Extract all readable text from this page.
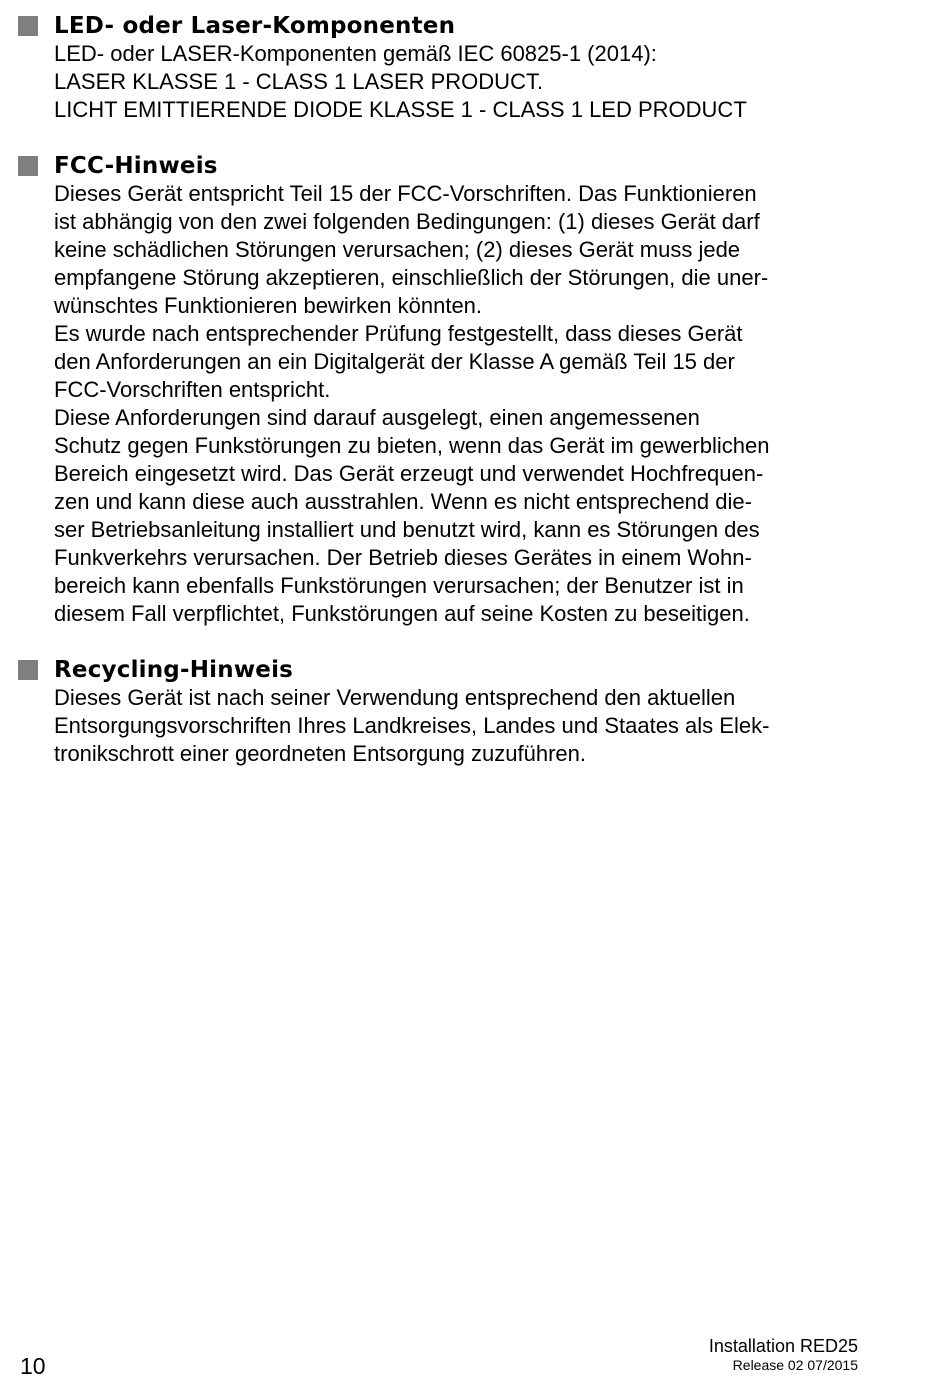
LED- oder Laser-Komponenten
LED- oder LASER-Komponenten gemäß IEC 60825-1 (2014):
LASER KLASSE 1 - CLASS 1 LASER PRODUCT.
LICHT EMITTIERENDE DIODE KLASSE 1 - CLASS 1 LED PRODUCT
FCC-Hinweis
Dieses Gerät entspricht Teil 15 der FCC-Vorschriften. Das Funktionieren
ist abhängig von den zwei folgenden Bedingungen: (1) dieses Gerät darf
keine schädlichen Störungen verursachen; (2) dieses Gerät muss jede
empfangene Störung akzeptieren, einschließlich der Störungen, die uner-
wünschtes Funktionieren bewirken könnten.
Es wurde nach entsprechender Prüfung festgestellt, dass dieses Gerät
den Anforderungen an ein Digitalgerät der Klasse A gemäß Teil 15 der
FCC-Vorschriften entspricht.
Diese Anforderungen sind darauf ausgelegt, einen angemessenen
Schutz gegen Funkstörungen zu bieten, wenn das Gerät im gewerblichen
Bereich eingesetzt wird. Das Gerät erzeugt und verwendet Hochfrequen-
zen und kann diese auch ausstrahlen. Wenn es nicht entsprechend die-
ser Betriebsanleitung installiert und benutzt wird, kann es Störungen des
Funkverkehrs verursachen. Der Betrieb dieses Gerätes in einem Wohn-
bereich kann ebenfalls Funkstörungen verursachen; der Benutzer ist in
diesem Fall verpflichtet, Funkstörungen auf seine Kosten zu beseitigen.
Recycling-Hinweis
Dieses Gerät ist nach seiner Verwendung entsprechend den aktuellen
Entsorgungsvorschriften Ihres Landkreises, Landes und Staates als Elek-
tronikschrott einer geordneten Entsorgung zuzuführen.
10
Installation RED25
Release 02 07/2015
